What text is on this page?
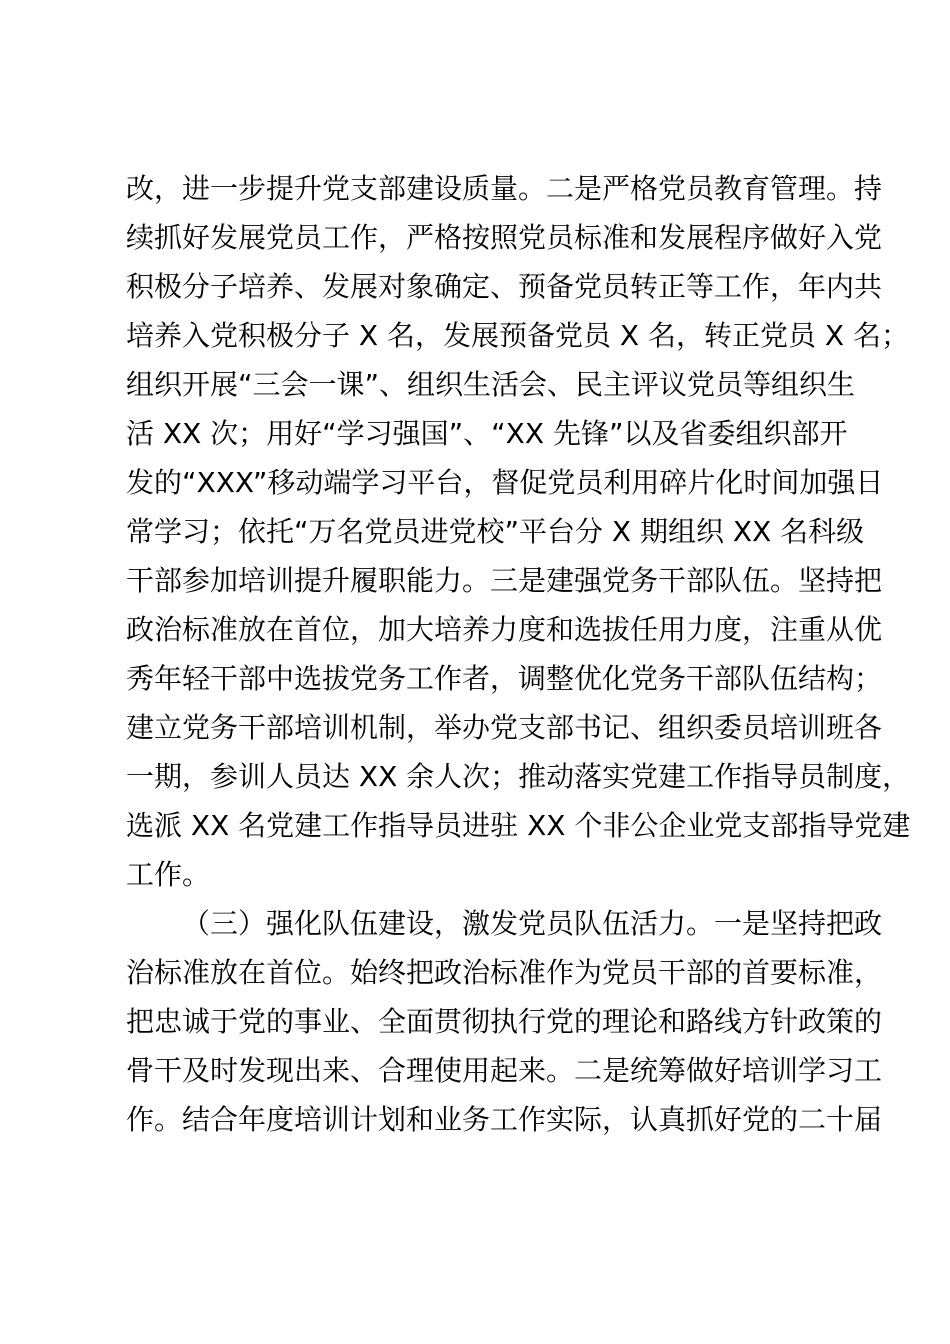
改，进一步提升党支部建设质量。二是严格党员教育管理。持
续抓好发展党员工作，严格按照党员标准和发展程序做好入党
积极分子培养、发展对象确定、预备党员转正等工作，年内共
培养入党积极分子 X 名，发展预备党员 X 名，转正党员 X 名；
组织开展“三会一课”、组织生活会、民主评议党员等组织生
活 XX 次；用好“学习强国”、“XX 先锋”以及省委组织部开
发的“XXX”移动端学习平台，督促党员利用碎片化时间加强日
常学习；依托“万名党员进党校”平台分 X 期组织 XX 名科级
干部参加培训提升履职能力。三是建强党务干部队伍。坚持把
政治标准放在首位，加大培养力度和选拔任用力度，注重从优
秀年轻干部中选拔党务工作者，调整优化党务干部队伍结构；
建立党务干部培训机制，举办党支部书记、组织委员培训班各
一期，参训人员达 XX 余人次；推动落实党建工作指导员制度，
选派 XX 名党建工作指导员进驻 XX 个非公企业党支部指导党建
工作。
（三）强化队伍建设，激发党员队伍活力。一是坚持把政
治标准放在首位。始终把政治标准作为党员干部的首要标准，
把忠诚于党的事业、全面贯彻执行党的理论和路线方针政策的
骨干及时发现出来、合理使用起来。二是统筹做好培训学习工
作。结合年度培训计划和业务工作实际，认真抓好党的二十届
